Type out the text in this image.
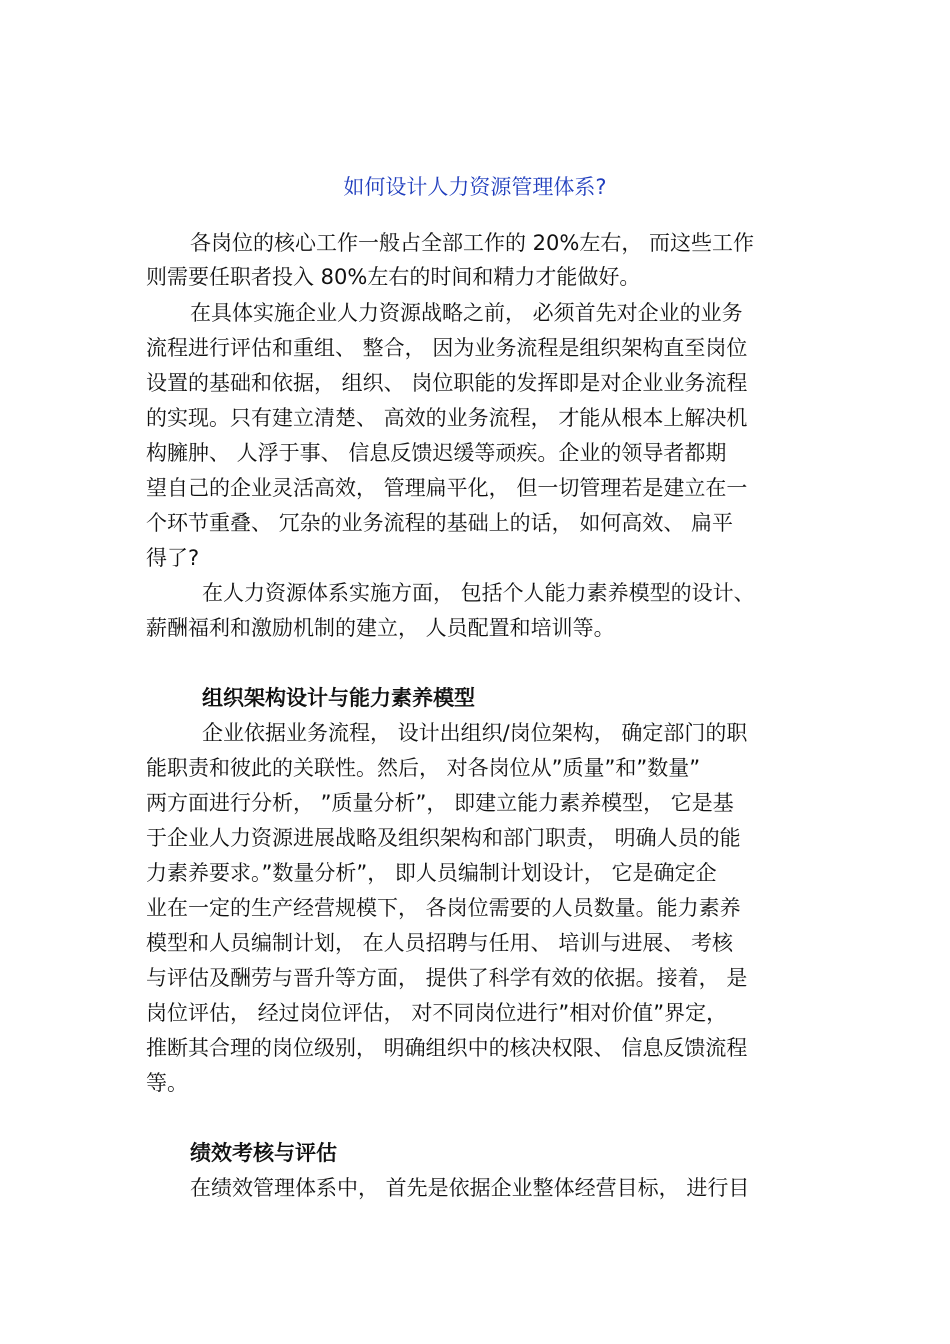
如何设计人力资源管理体系?
各岗位的核心工作一般占全部工作的 20%左右， 而这些工作
则需要任职者投入 80%左右的时间和精力才能做好。
在具体实施企业人力资源战略之前， 必须首先对企业的业务
流程进行评估和重组、 整合， 因为业务流程是组织架构直至岗位
设置的基础和依据， 组织、 岗位职能的发挥即是对企业业务流程
的实现。只有建立清楚、 高效的业务流程， 才能从根本上解决机
构臃肿、 人浮于事、 信息反馈迟缓等顽疾。企业的领导者都期
望自己的企业灵活高效， 管理扁平化， 但一切管理若是建立在一
个环节重叠、 冗杂的业务流程的基础上的话， 如何高效、 扁平
得了?
在人力资源体系实施方面， 包括个人能力素养模型的设计、
薪酬福利和激励机制的建立， 人员配置和培训等。
组织架构设计与能力素养模型
企业依据业务流程， 设计出组织/岗位架构， 确定部门的职
能职责和彼此的关联性。然后， 对各岗位从”质量”和”数量”
两方面进行分析， ”质量分析”， 即建立能力素养模型， 它是基
于企业人力资源进展战略及组织架构和部门职责， 明确人员的能
力素养要求。”数量分析”， 即人员编制计划设计， 它是确定企
业在一定的生产经营规模下， 各岗位需要的人员数量。能力素养
模型和人员编制计划， 在人员招聘与任用、 培训与进展、 考核
与评估及酬劳与晋升等方面， 提供了科学有效的依据。接着， 是
岗位评估， 经过岗位评估， 对不同岗位进行”相对价值”界定，
推断其合理的岗位级别， 明确组织中的核决权限、 信息反馈流程
等。
绩效考核与评估
在绩效管理体系中， 首先是依据企业整体经营目标， 进行目
